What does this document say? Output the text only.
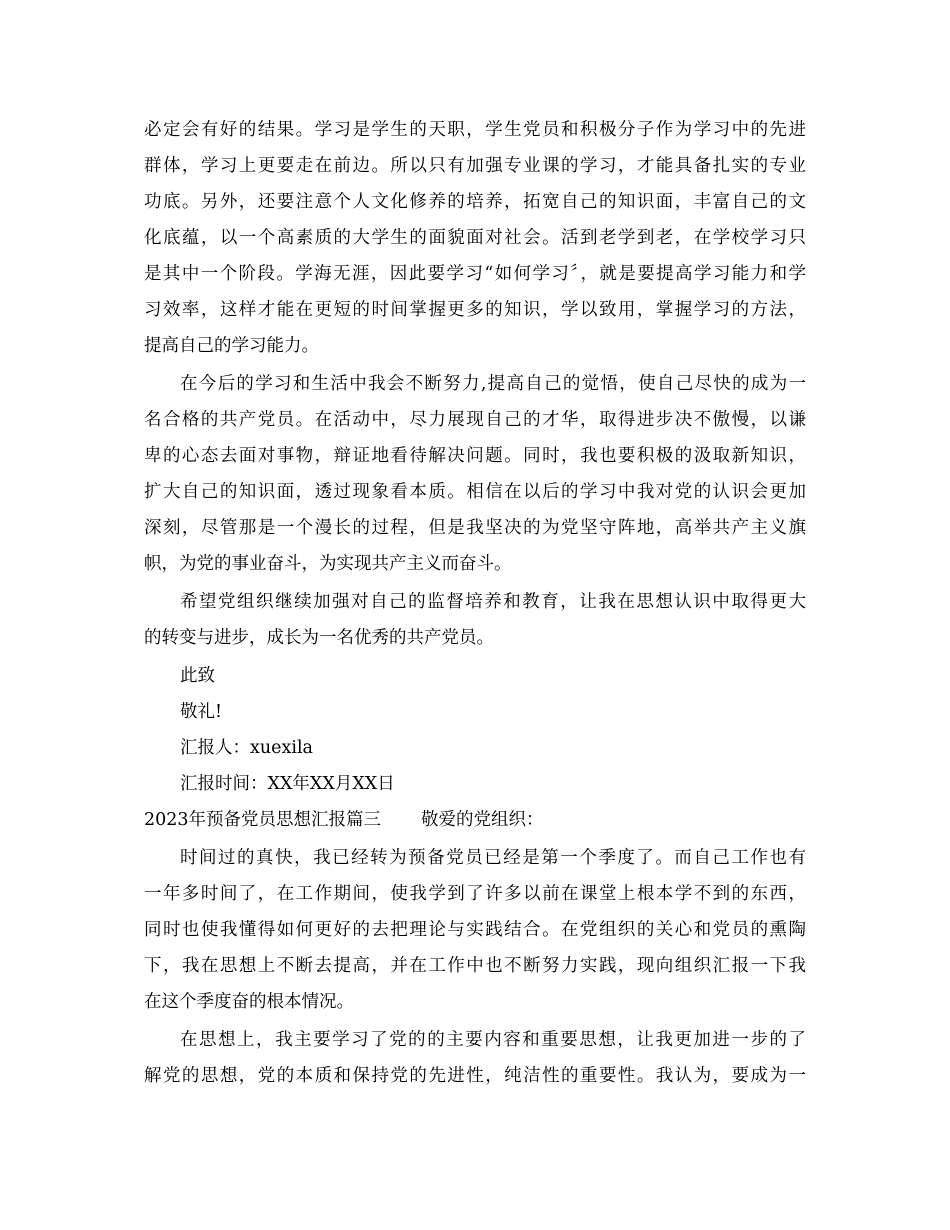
必定会有好的结果。学习是学生的天职，学生党员和积极分子作为学习中的先进
群体，学习上更要走在前边。所以只有加强专业课的学习，才能具备扎实的专业
功底。另外，还要注意个人文化修养的培养，拓宽自己的知识面，丰富自己的文
化底蕴，以一个高素质的大学生的面貌面对社会。活到老学到老，在学校学习只
是其中一个阶段。学海无涯，因此要学习“如何学习〞，就是要提高学习能力和学
习效率，这样才能在更短的时间掌握更多的知识，学以致用，掌握学习的方法，
提高自己的学习能力。
在今后的学习和生活中我会不断努力,提高自己的觉悟，使自己尽快的成为一
名合格的共产党员。在活动中，尽力展现自己的才华，取得进步决不傲慢，以谦
卑的心态去面对事物，辩证地看待解决问题。同时，我也要积极的汲取新知识，
扩大自己的知识面，透过现象看本质。相信在以后的学习中我对党的认识会更加
深刻，尽管那是一个漫长的过程，但是我坚决的为党坚守阵地，高举共产主义旗
帜，为党的事业奋斗，为实现共产主义而奋斗。
希望党组织继续加强对自己的监督培养和教育，让我在思想认识中取得更大
的转变与进步，成长为一名优秀的共产党员。
此致
敬礼!
汇报人：xuexila
汇报时间：XX年XX月XX日
2023年预备党员思想汇报篇三 敬爱的党组织：
时间过的真快，我已经转为预备党员已经是第一个季度了。而自己工作也有
一年多时间了，在工作期间，使我学到了许多以前在课堂上根本学不到的东西，
同时也使我懂得如何更好的去把理论与实践结合。在党组织的关心和党员的熏陶
下，我在思想上不断去提高，并在工作中也不断努力实践，现向组织汇报一下我
在这个季度奋的根本情况。
在思想上，我主要学习了党的的主要内容和重要思想，让我更加进一步的了
解党的思想，党的本质和保持党的先进性，纯洁性的重要性。我认为，要成为一
